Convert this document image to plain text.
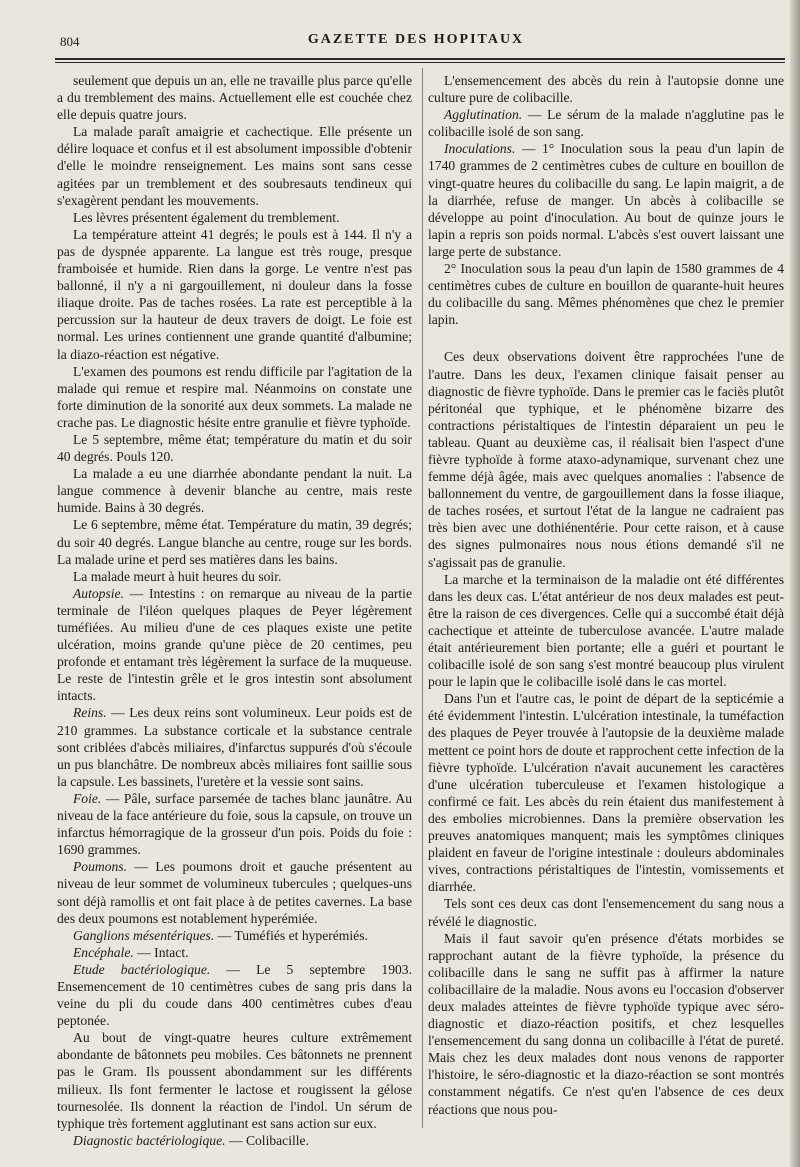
804	GAZETTE DES HOPITAUX

seulement que depuis un an, elle ne travaille plus parce qu'elle a du tremblement des mains. Actuellement elle est couchée chez elle depuis quatre jours.

La malade paraît amaigrie et cachectique. Elle présente un délire loquace et confus et il est absolument impossible d'obtenir d'elle le moindre renseignement. Les mains sont sans cesse agitées par un tremblement et des soubresauts tendineux qui s'exagèrent pendant les mouvements.

Les lèvres présentent également du tremblement.

La température atteint 41 degrés; le pouls est à 144. Il n'y a pas de dyspnée apparente. La langue est très rouge, presque framboisée et humide. Rien dans la gorge. Le ventre n'est pas ballonné, il n'y a ni gargouillement, ni douleur dans la fosse iliaque droite. Pas de taches rosées. La rate est perceptible à la percussion sur la hauteur de deux travers de doigt. Le foie est normal. Les urines contiennent une grande quantité d'albumine; la diazo-réaction est négative.

L'examen des poumons est rendu difficile par l'agitation de la malade qui remue et respire mal. Néanmoins on constate une forte diminution de la sonorité aux deux sommets. La malade ne crache pas. Le diagnostic hésite entre granulie et fièvre typhoïde.

Le 5 septembre, même état; température du matin et du soir 40 degrés. Pouls 120.

La malade a eu une diarrhée abondante pendant la nuit. La langue commence à devenir blanche au centre, mais reste humide. Bains à 30 degrés.

Le 6 septembre, même état. Température du matin, 39 degrés; du soir 40 degrés. Langue blanche au centre, rouge sur les bords. La malade urine et perd ses matières dans les bains.

La malade meurt à huit heures du soir.

Autopsie. — Intestins : on remarque au niveau de la partie terminale de l'iléon quelques plaques de Peyer légèrement tuméfiées. Au milieu d'une de ces plaques existe une petite ulcération, moins grande qu'une pièce de 20 centimes, peu profonde et entamant très légèrement la surface de la muqueuse. Le reste de l'intestin grêle et le gros intestin sont absolument intacts.

Reins. — Les deux reins sont volumineux. Leur poids est de 210 grammes. La substance corticale et la substance centrale sont criblées d'abcès miliaires, d'infarctus suppurés d'où s'écoule un pus blanchâtre. De nombreux abcès miliaires font saillie sous la capsule. Les bassinets, l'uretère et la vessie sont sains.

Foie. — Pâle, surface parsemée de taches blanc jaunâtre. Au niveau de la face antérieure du foie, sous la capsule, on trouve un infarctus hémorragique de la grosseur d'un pois. Poids du foie : 1690 grammes.

Poumons. — Les poumons droit et gauche présentent au niveau de leur sommet de volumineux tubercules ; quelques-uns sont déjà ramollis et ont fait place à de petites cavernes. La base des deux poumons est notablement hyperémiée.

Ganglions mésentériques. — Tuméfiés et hyperémiés.

Encéphale. — Intact.

Etude bactériologique. — Le 5 septembre 1903. Ensemencement de 10 centimètres cubes de sang pris dans la veine du pli du coude dans 400 centimètres cubes d'eau peptonée.

Au bout de vingt-quatre heures culture extrêmement abondante de bâtonnets peu mobiles. Ces bâtonnets ne prennent pas le Gram. Ils poussent abondamment sur les différents milieux. Ils font fermenter le lactose et rougissent la gélose tournesolée. Ils donnent la réaction de l'indol. Un sérum de typhique très fortement agglutinant est sans action sur eux.

Diagnostic bactériologique. — Colibacille.

L'ensemencement des abcès du rein à l'autopsie donne une culture pure de colibacille.

Agglutination. — Le sérum de la malade n'agglutine pas le colibacille isolé de son sang.

Inoculations. — 1° Inoculation sous la peau d'un lapin de 1740 grammes de 2 centimètres cubes de culture en bouillon de vingt-quatre heures du colibacille du sang. Le lapin maigrit, a de la diarrhée, refuse de manger. Un abcès à colibacille se développe au point d'inoculation. Au bout de quinze jours le lapin a repris son poids normal. L'abcès s'est ouvert laissant une large perte de substance.

2° Inoculation sous la peau d'un lapin de 1580 grammes de 4 centimètres cubes de culture en bouillon de quarante-huit heures du colibacille du sang. Mêmes phénomènes que chez le premier lapin.

Ces deux observations doivent être rapprochées l'une de l'autre. Dans les deux, l'examen clinique faisait penser au diagnostic de fièvre typhoïde. Dans le premier cas le faciès plutôt péritonéal que typhique, et le phénomène bizarre des contractions péristaltiques de l'intestin déparaient un peu le tableau. Quant au deuxième cas, il réalisait bien l'aspect d'une fièvre typhoïde à forme ataxo-adynamique, survenant chez une femme déjà âgée, mais avec quelques anomalies : l'absence de ballonnement du ventre, de gargouillement dans la fosse iliaque, de taches rosées, et surtout l'état de la langue ne cadraient pas très bien avec une dothiénentérie. Pour cette raison, et à cause des signes pulmonaires nous nous étions demandé s'il ne s'agissait pas de granulie.

La marche et la terminaison de la maladie ont été différentes dans les deux cas. L'état antérieur de nos deux malades est peut-être la raison de ces divergences. Celle qui a succombé était déjà cachectique et atteinte de tuberculose avancée. L'autre malade était antérieurement bien portante; elle a guéri et pourtant le colibacille isolé de son sang s'est montré beaucoup plus virulent pour le lapin que le colibacille isolé dans le cas mortel.

Dans l'un et l'autre cas, le point de départ de la septicémie a été évidemment l'intestin. L'ulcération intestinale, la tuméfaction des plaques de Peyer trouvée à l'autopsie de la deuxième malade mettent ce point hors de doute et rapprochent cette infection de la fièvre typhoïde. L'ulcération n'avait aucunement les caractères d'une ulcération tuberculeuse et l'examen histologique a confirmé ce fait. Les abcès du rein étaient dus manifestement à des embolies microbiennes. Dans la première observation les preuves anatomiques manquent; mais les symptômes cliniques plaident en faveur de l'origine intestinale : douleurs abdominales vives, contractions péristaltiques de l'intestin, vomissements et diarrhée.

Tels sont ces deux cas dont l'ensemencement du sang nous a révélé le diagnostic.

Mais il faut savoir qu'en présence d'états morbides se rapprochant autant de la fièvre typhoïde, la présence du colibacille dans le sang ne suffit pas à affirmer la nature colibacillaire de la maladie. Nous avons eu l'occasion d'observer deux malades atteintes de fièvre typhoïde typique avec séro-diagnostic et diazo-réaction positifs, et chez lesquelles l'ensemencement du sang donna un colibacille à l'état de pureté. Mais chez les deux malades dont nous venons de rapporter l'histoire, le séro-diagnostic et la diazo-réaction se sont montrés constamment négatifs. Ce n'est qu'en l'absence de ces deux réactions que nous pou-
